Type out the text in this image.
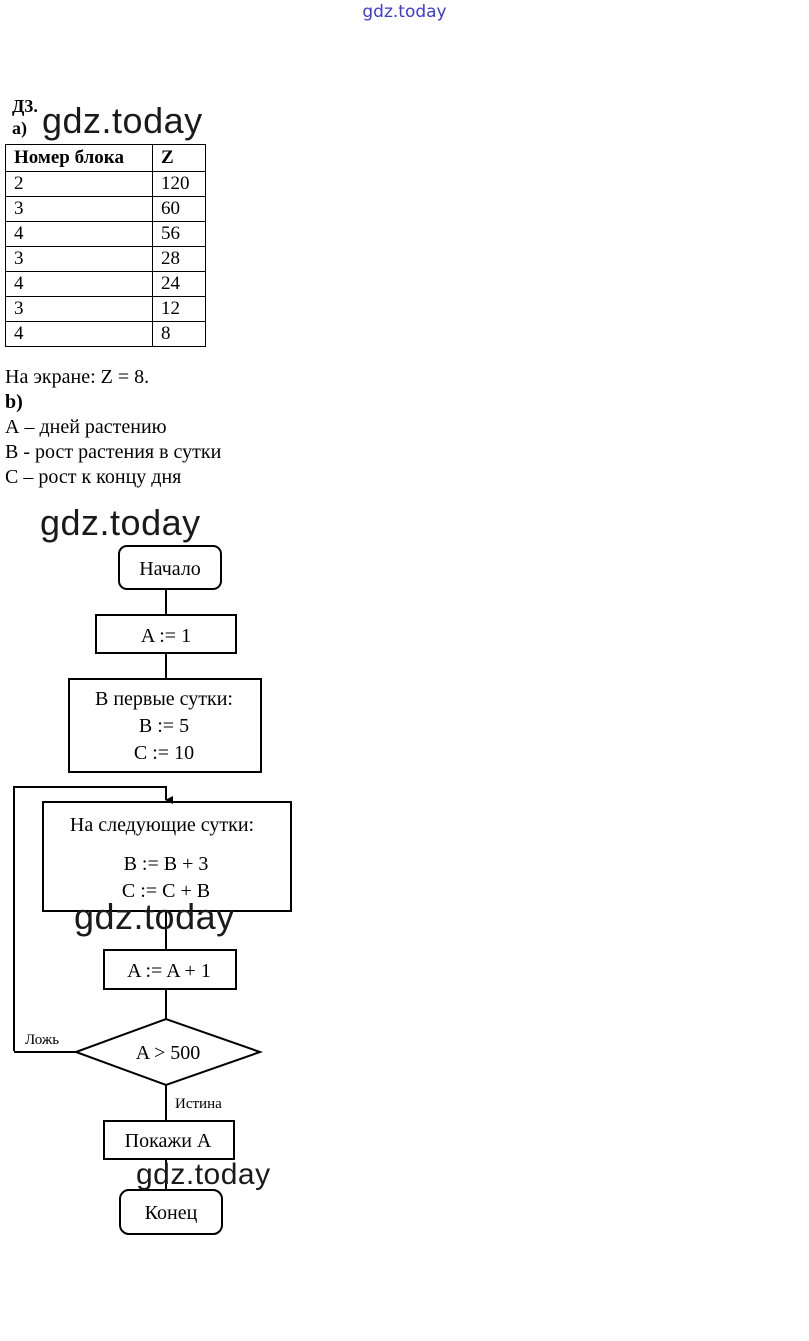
gdz.today
Д3.
а)
Номер блока	Z
2	120
3	60
4	56
3	28
4	24
3	12
4	8
На экране: Z = 8.
b)
А – дней растению
В - рост растения в сутки
С – рост к концу дня
Начало
A := 1
В первые сутки:
B := 5
C := 10
На следующие сутки:
B := B + 3
C := C + B
A := A + 1
A > 500
Ложь
Истина
Покажи А
Конец
gdz.today
gdz.today
gdz.today
gdz.today
